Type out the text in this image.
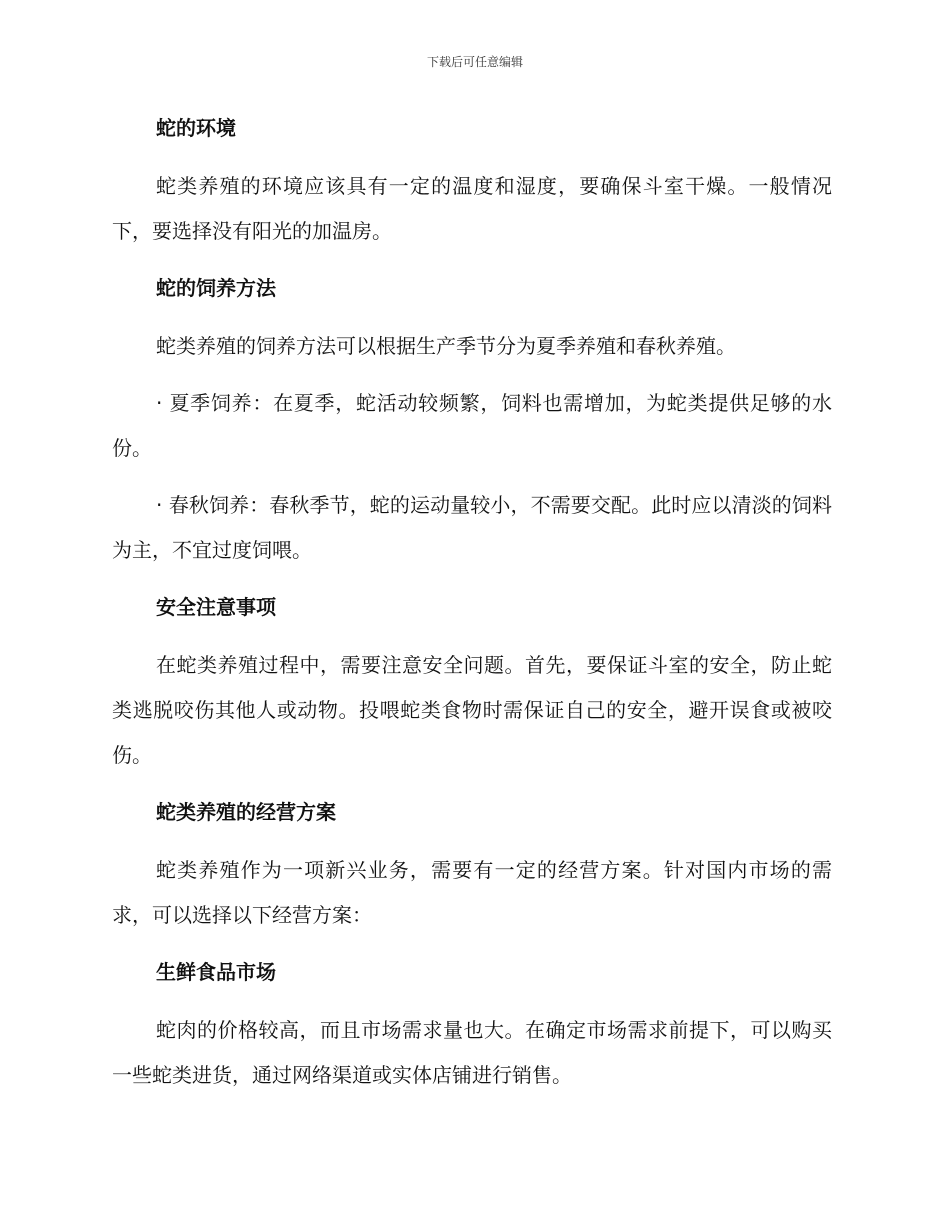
下载后可任意编辑
蛇的环境

蛇类养殖的环境应该具有一定的温度和湿度，要确保斗室干燥。一般情况下，要选择没有阳光的加温房。

蛇的饲养方法

蛇类养殖的饲养方法可以根据生产季节分为夏季养殖和春秋养殖。

· 夏季饲养：在夏季，蛇活动较频繁，饲料也需增加，为蛇类提供足够的水份。

· 春秋饲养：春秋季节，蛇的运动量较小，不需要交配。此时应以清淡的饲料为主，不宜过度饲喂。

安全注意事项

在蛇类养殖过程中，需要注意安全问题。首先，要保证斗室的安全，防止蛇类逃脱咬伤其他人或动物。投喂蛇类食物时需保证自己的安全，避开误食或被咬伤。

蛇类养殖的经营方案

蛇类养殖作为一项新兴业务，需要有一定的经营方案。针对国内市场的需求，可以选择以下经营方案：

生鲜食品市场

蛇肉的价格较高，而且市场需求量也大。在确定市场需求前提下，可以购买一些蛇类进货，通过网络渠道或实体店铺进行销售。
